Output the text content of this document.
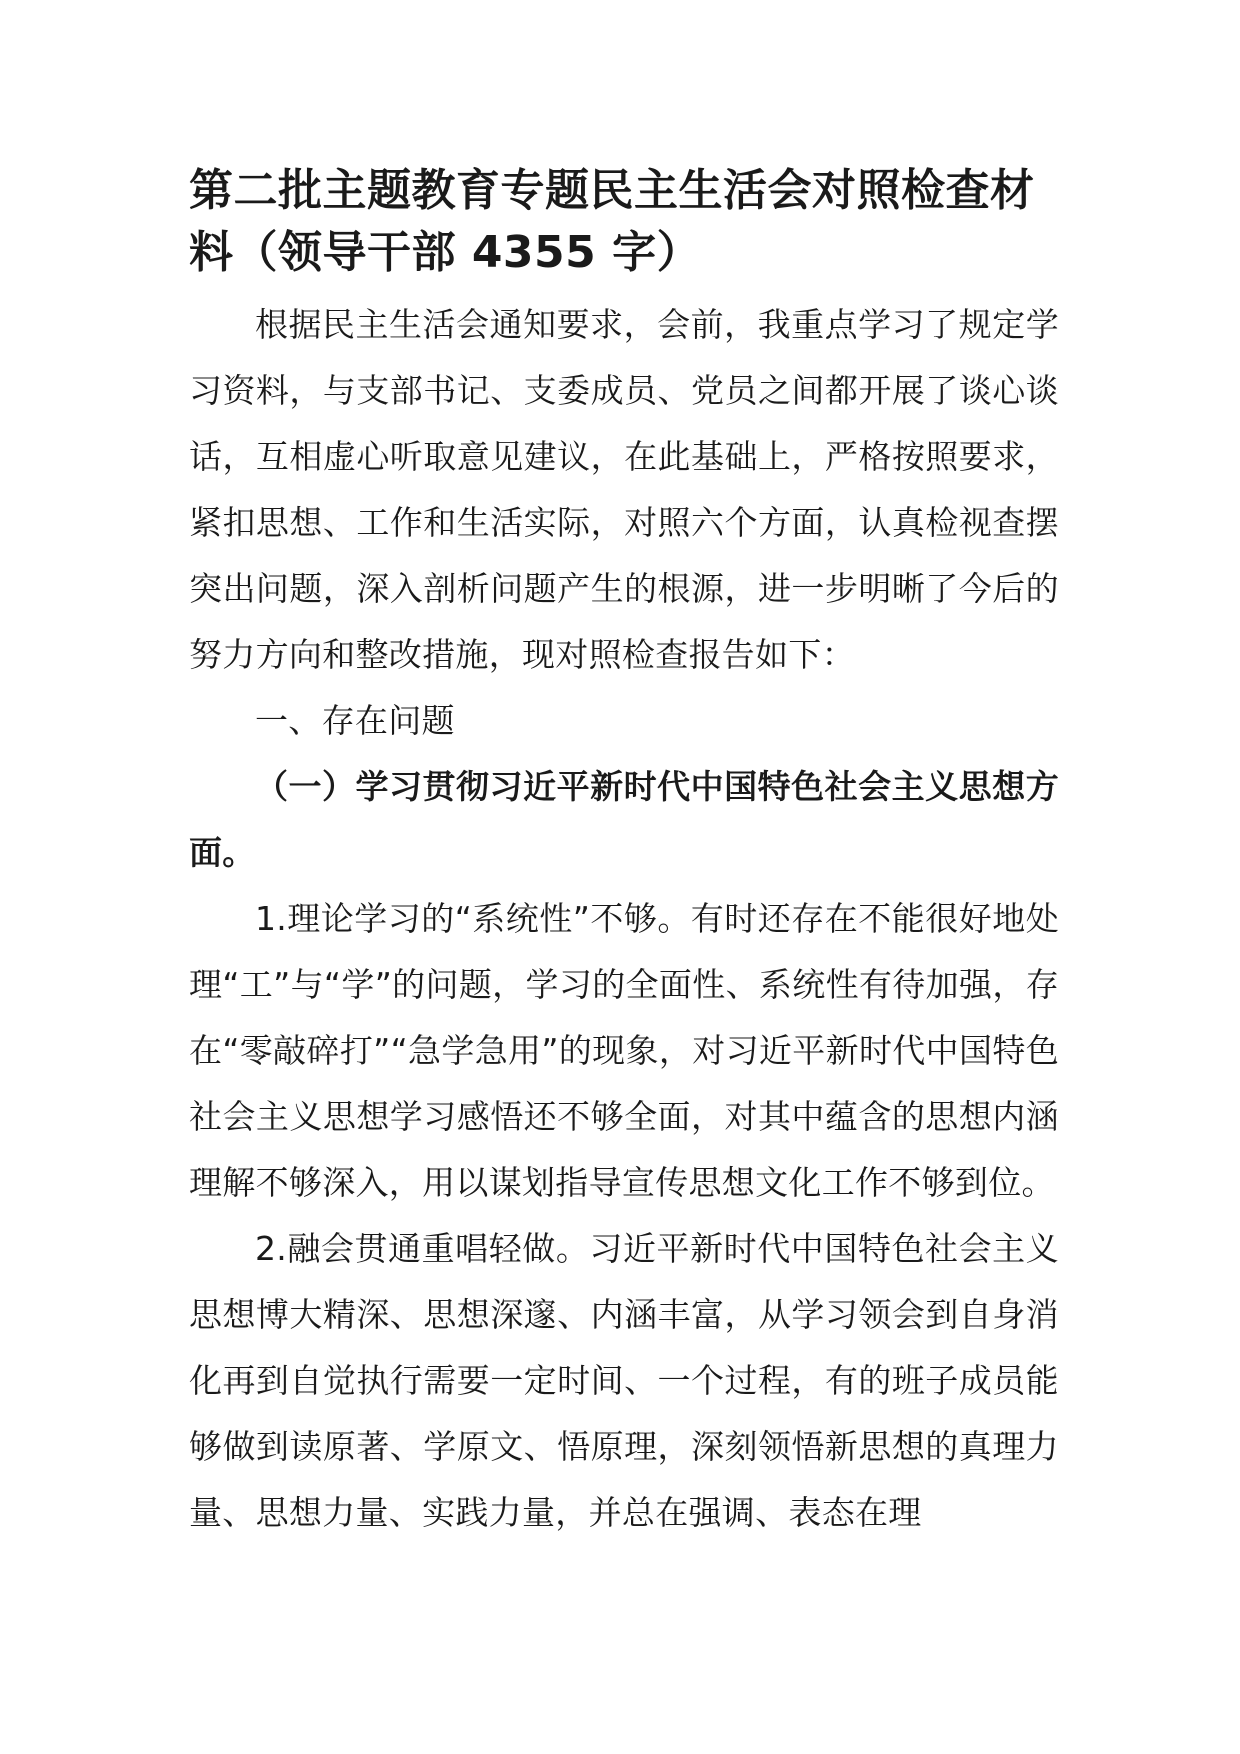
第二批主题教育专题民主生活会对照检查材料（领导干部 4355 字）

根据民主生活会通知要求，会前，我重点学习了规定学习资料，与支部书记、支委成员、党员之间都开展了谈心谈话，互相虚心听取意见建议，在此基础上，严格按照要求，紧扣思想、工作和生活实际，对照六个方面，认真检视查摆突出问题，深入剖析问题产生的根源，进一步明晰了今后的努力方向和整改措施，现对照检查报告如下：

一、存在问题

（一）学习贯彻习近平新时代中国特色社会主义思想方面。

1.理论学习的“系统性”不够。有时还存在不能很好地处理“工”与“学”的问题，学习的全面性、系统性有待加强，存在“零敲碎打”“急学急用”的现象，对习近平新时代中国特色社会主义思想学习感悟还不够全面，对其中蕴含的思想内涵理解不够深入，用以谋划指导宣传思想文化工作不够到位。

2.融会贯通重唱轻做。习近平新时代中国特色社会主义思想博大精深、思想深邃、内涵丰富，从学习领会到自身消化再到自觉执行需要一定时间、一个过程，有的班子成员能够做到读原著、学原文、悟原理，深刻领悟新思想的真理力量、思想力量、实践力量，并总在强调、表态在理
